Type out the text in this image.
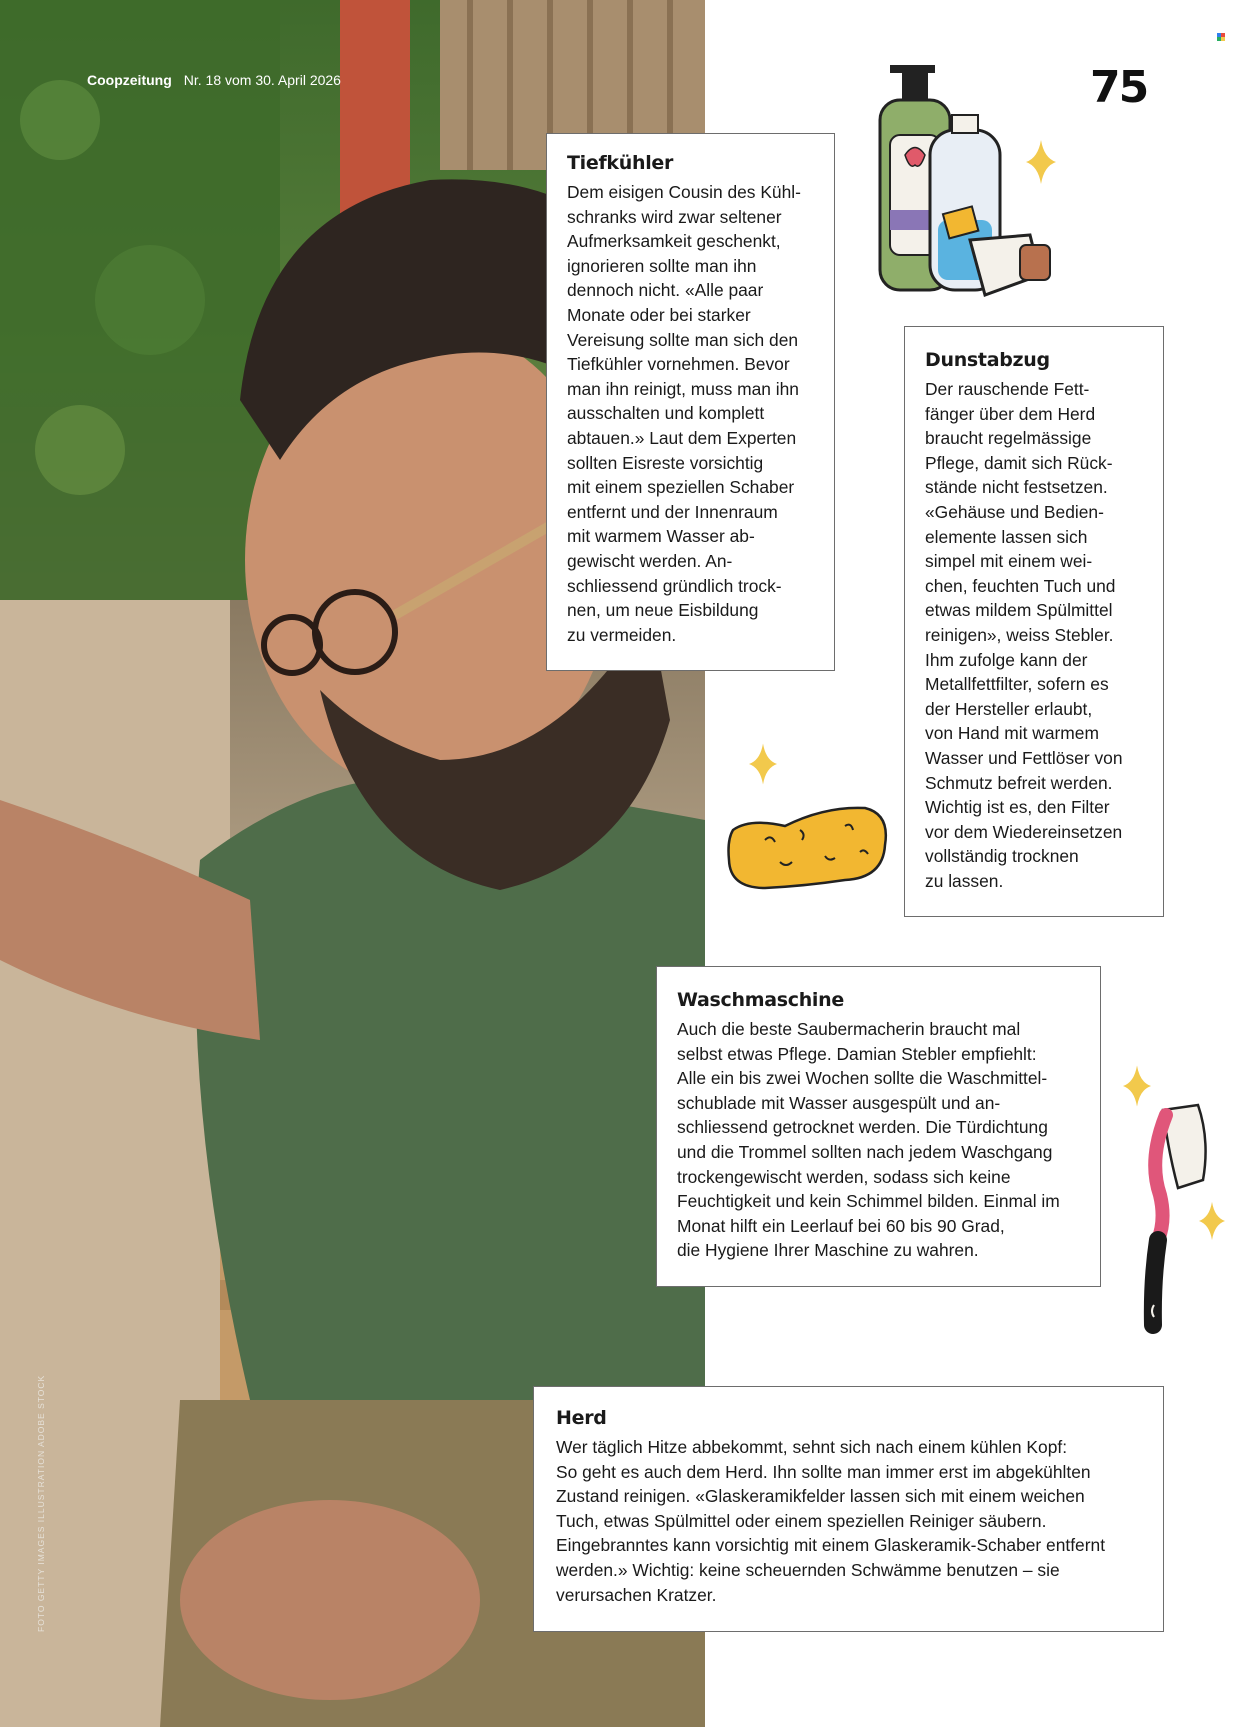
Coopzeitung Nr. 18 vom 30. April 2026
FOTO GETTY IMAGES ILLUSTRATION ADOBE STOCK
75
Tiefkühler

Dem eisigen Cousin des Kühl-
schranks wird zwar seltener
Aufmerksamkeit geschenkt,
ignorieren sollte man ihn
dennoch nicht. «Alle paar
Monate oder bei starker
Vereisung sollte man sich den
Tiefkühler vornehmen. Bevor
man ihn reinigt, muss man ihn
ausschalten und komplett
abtauen.» Laut dem Experten
sollten Eisreste vorsichtig
mit einem speziellen Schaber
entfernt und der Innenraum
mit warmem Wasser ab-
gewischt werden. An-
schliessend gründlich trock-
nen, um neue Eisbildung
zu vermeiden.

Dunstabzug

Der rauschende Fett-
fänger über dem Herd
braucht regelmässige
Pflege, damit sich Rück-
stände nicht festsetzen.
«Gehäuse und Bedien-
elemente lassen sich
simpel mit einem wei-
chen, feuchten Tuch und
etwas mildem Spülmittel
reinigen», weiss Stebler.
Ihm zufolge kann der
Metallfettfilter, sofern es
der Hersteller erlaubt,
von Hand mit warmem
Wasser und Fettlöser von
Schmutz befreit werden.
Wichtig ist es, den Filter
vor dem Wiedereinsetzen
vollständig trocknen
zu lassen.

Waschmaschine

Auch die beste Saubermacherin braucht mal
selbst etwas Pflege. Damian Stebler empfiehlt:
Alle ein bis zwei Wochen sollte die Waschmittel-
schublade mit Wasser ausgespült und an-
schliessend getrocknet werden. Die Türdichtung
und die Trommel sollten nach jedem Waschgang
trockengewischt werden, sodass sich keine
Feuchtigkeit und kein Schimmel bilden. Einmal im
Monat hilft ein Leerlauf bei 60 bis 90 Grad,
die Hygiene Ihrer Maschine zu wahren.

Herd

Wer täglich Hitze abbekommt, sehnt sich nach einem kühlen Kopf:
So geht es auch dem Herd. Ihn sollte man immer erst im abgekühlten
Zustand reinigen. «Glaskeramikfelder lassen sich mit einem weichen
Tuch, etwas Spülmittel oder einem speziellen Reiniger säubern.
Eingebranntes kann vorsichtig mit einem Glaskeramik-Schaber entfernt
werden.» Wichtig: keine scheuernden Schwämme benutzen – sie
verursachen Kratzer.
